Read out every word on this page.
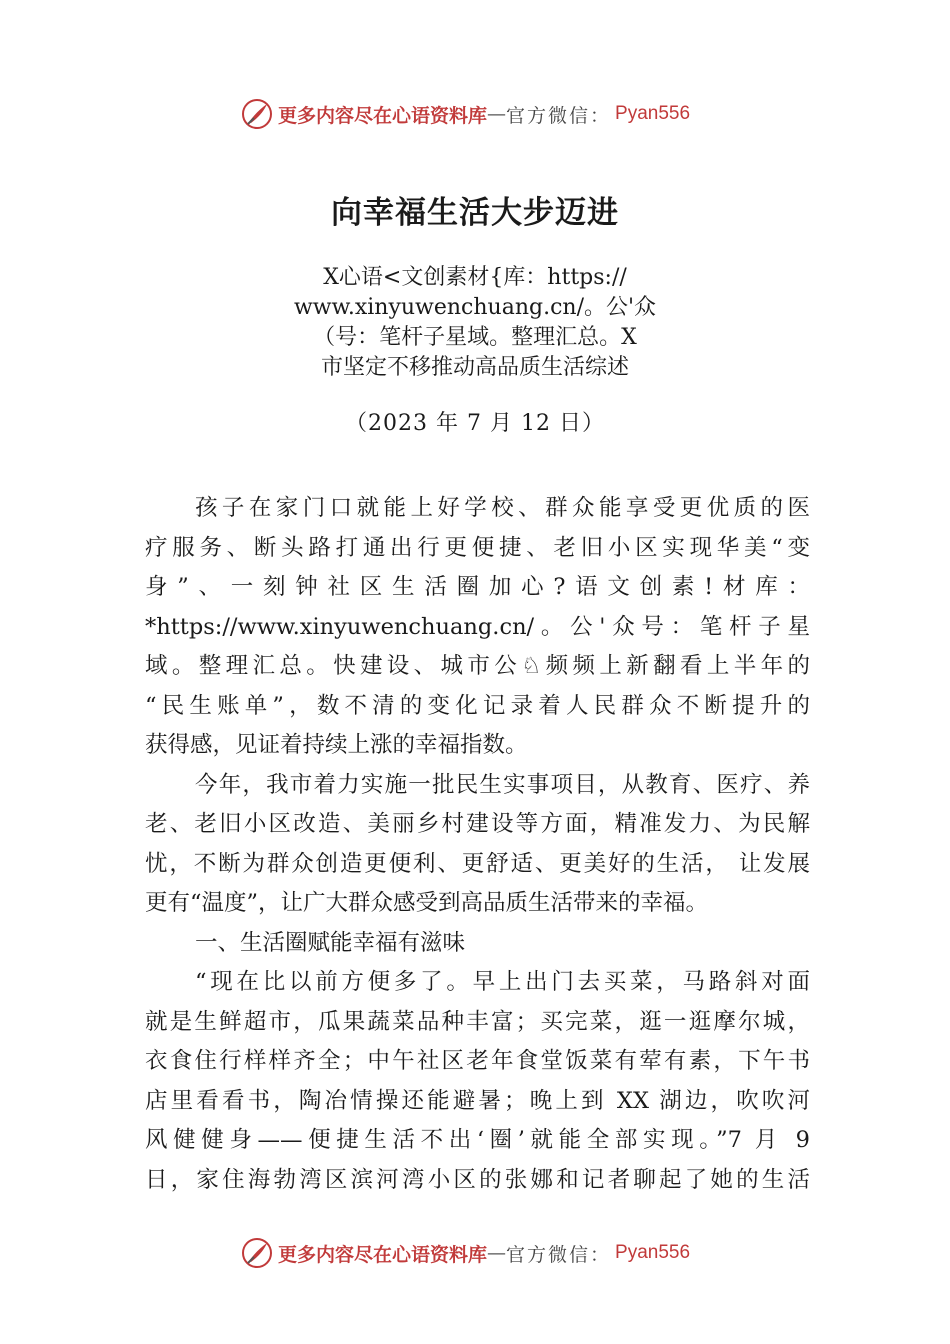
更多内容尽在心语资料库 — 官方微信： Pyan556
向幸福生活大步迈进
X心语<文创素材{库：https://
www.xinyuwenchuang.cn/。公'众
（号：笔杆子星域。整理汇总。X
市坚定不移推动高品质生活综述
（2023 年 7 月 12 日）
孩子在家门口就能上好学校、群众能享受更优质的医
疗服务、断头路打通出行更便捷、老旧小区实现华美“变
身”、一刻钟社区生活圈加心?语文创素!材库：
*https://www.xinyuwenchuang.cn/。公'众号：笔杆子星
域。整理汇总。快建设、城市公♘频频上新翻看上半年的
“民生账单”，数不清的变化记录着人民群众不断提升的
获得感，见证着持续上涨的幸福指数。
今年，我市着力实施一批民生实事项目，从教育、医疗、养
老、老旧小区改造、美丽乡村建设等方面，精准发力、为民解
忧，不断为群众创造更便利、更舒适、更美好的生活， 让发展
更有“温度”，让广大群众感受到高品质生活带来的幸福。
一、生活圈赋能幸福有滋味
“现在比以前方便多了。早上出门去买菜，马路斜对面
就是生鲜超市，瓜果蔬菜品种丰富；买完菜，逛一逛摩尔城，
衣食住行样样齐全；中午社区老年食堂饭菜有荤有素，下午书
店里看看书，陶冶情操还能避暑；晚上到 XX 湖边，吹吹河
风健健身——便捷生活不出‘圈’就能全部实现。”7 月 9
日，家住海勃湾区滨河湾小区的张娜和记者聊起了她的生活
更多内容尽在心语资料库 — 官方微信： Pyan556
